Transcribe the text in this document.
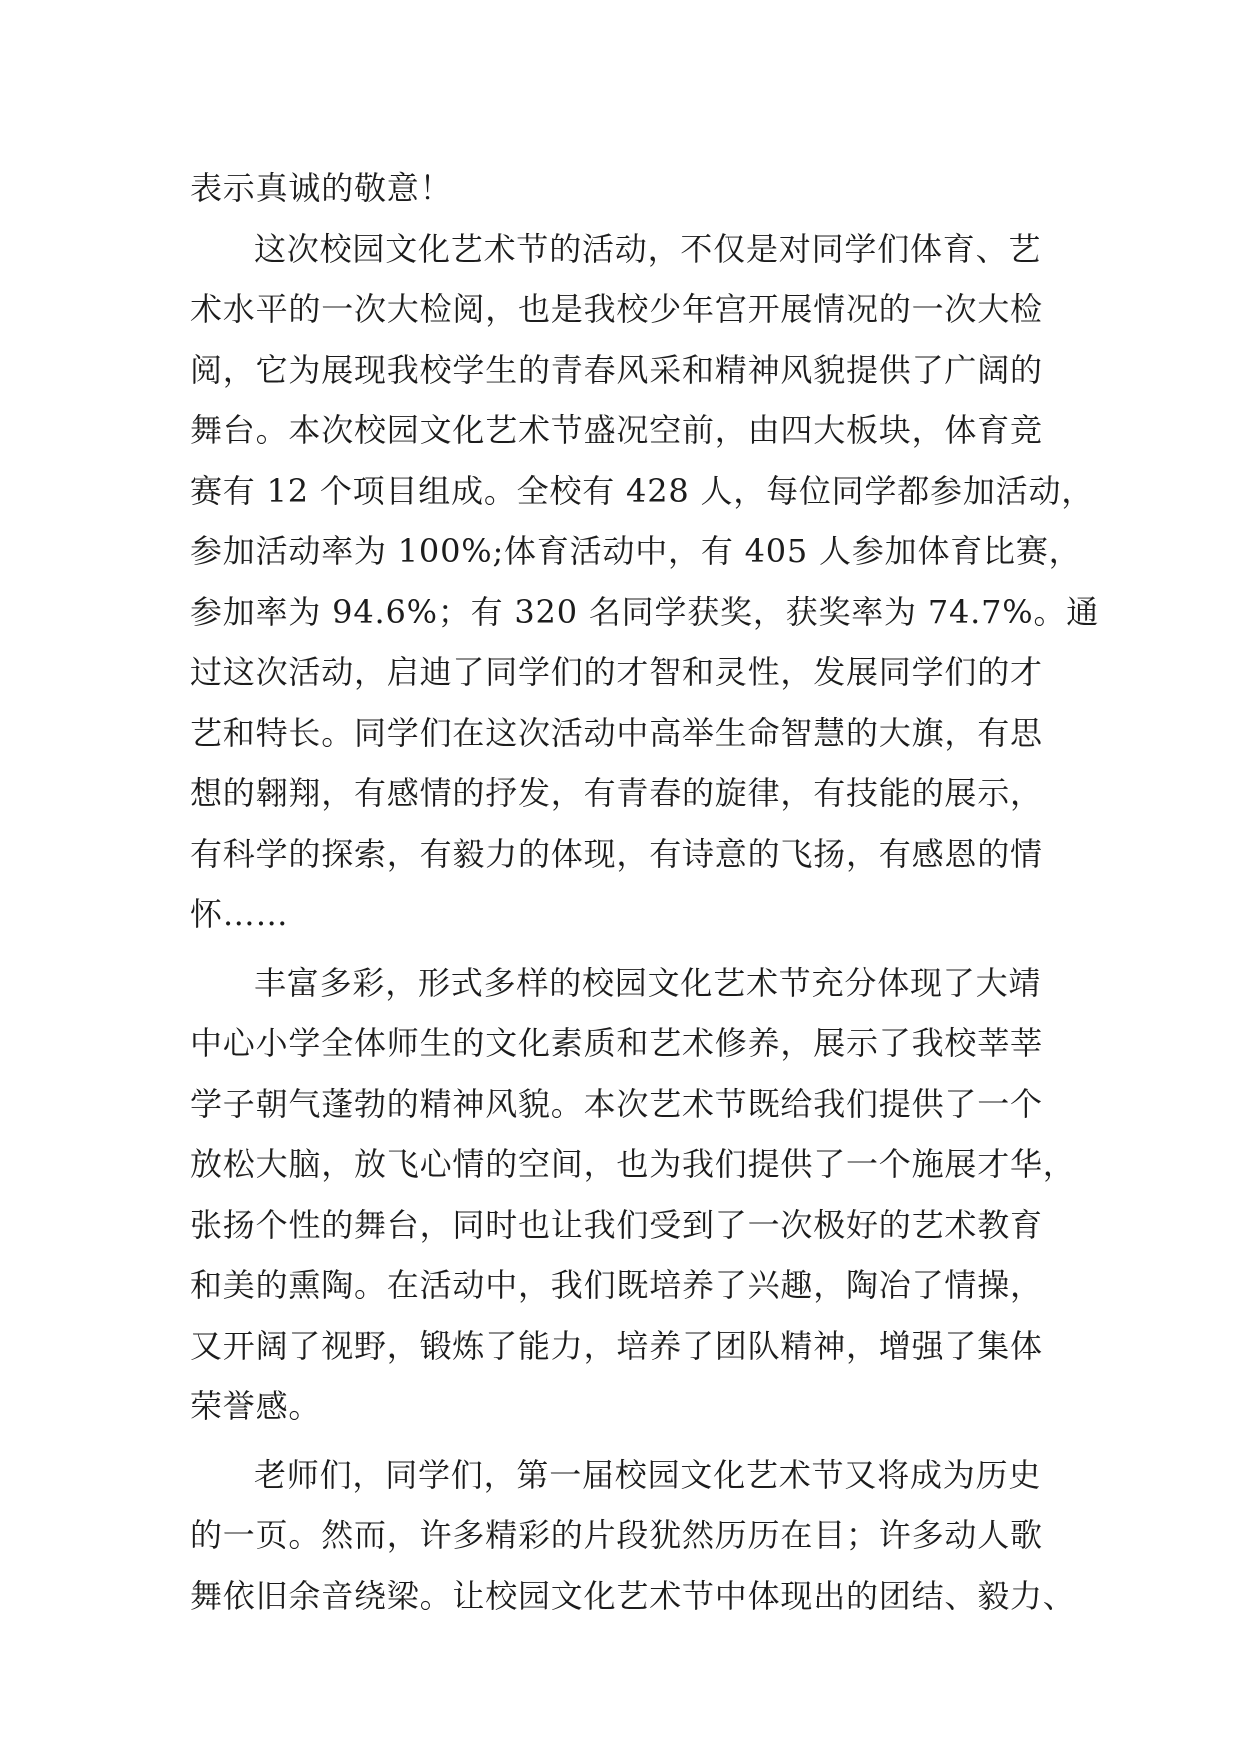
表示真诚的敬意！
这次校园文化艺术节的活动，不仅是对同学们体育、艺
术水平的一次大检阅，也是我校少年宫开展情况的一次大检
阅，它为展现我校学生的青春风采和精神风貌提供了广阔的
舞台。本次校园文化艺术节盛况空前，由四大板块，体育竞
赛有 12 个项目组成。全校有 428 人，每位同学都参加活动，
参加活动率为 100%;体育活动中，有 405 人参加体育比赛，
参加率为 94.6%；有 320 名同学获奖，获奖率为 74.7%。通
过这次活动，启迪了同学们的才智和灵性，发展同学们的才
艺和特长。同学们在这次活动中高举生命智慧的大旗，有思
想的翱翔，有感情的抒发，有青春的旋律，有技能的展示，
有科学的探索，有毅力的体现，有诗意的飞扬，有感恩的情
怀……
丰富多彩，形式多样的校园文化艺术节充分体现了大靖
中心小学全体师生的文化素质和艺术修养，展示了我校莘莘
学子朝气蓬勃的精神风貌。本次艺术节既给我们提供了一个
放松大脑，放飞心情的空间，也为我们提供了一个施展才华，
张扬个性的舞台，同时也让我们受到了一次极好的艺术教育
和美的熏陶。在活动中，我们既培养了兴趣，陶冶了情操，
又开阔了视野，锻炼了能力，培养了团队精神，增强了集体
荣誉感。
老师们，同学们，第一届校园文化艺术节又将成为历史
的一页。然而，许多精彩的片段犹然历历在目；许多动人歌
舞依旧余音绕梁。让校园文化艺术节中体现出的团结、毅力、
